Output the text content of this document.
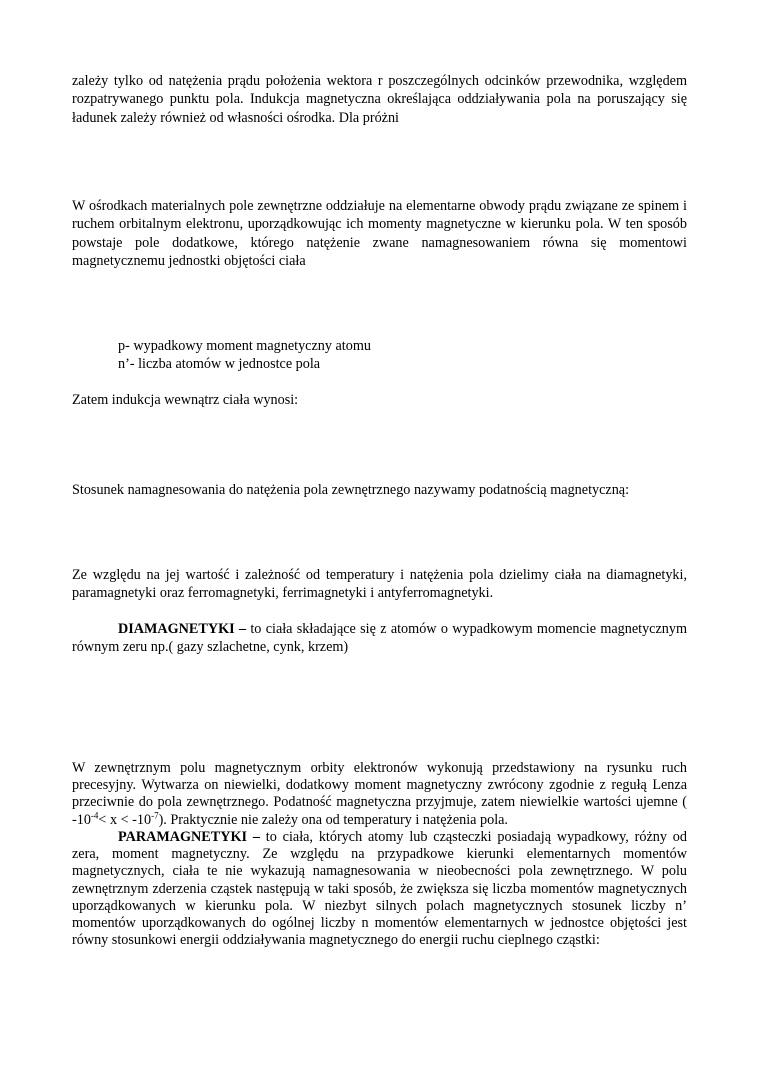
zależy tylko od natężenia prądu położenia wektora r poszczególnych odcinków przewodnika, względem rozpatrywanego punktu pola. Indukcja magnetyczna określająca oddziaływania pola na poruszający się ładunek zależy również od własności ośrodka. Dla próżni

W ośrodkach materialnych pole zewnętrzne oddziałuje na elementarne obwody prądu związane ze spinem i ruchem orbitalnym elektronu, uporządkowując ich momenty magnetyczne w kierunku pola. W ten sposób powstaje pole dodatkowe, którego natężenie zwane namagnesowaniem równa się momentowi magnetycznemu jednostki objętości ciała

p- wypadkowy moment magnetyczny atomu
n’- liczba atomów w jednostce pola
Zatem indukcja wewnątrz ciała wynosi:
Stosunek namagnesowania do natężenia pola zewnętrznego nazywamy podatnością magnetyczną:

Ze względu na jej wartość i zależność od temperatury i natężenia pola dzielimy ciała na diamagnetyki, paramagnetyki oraz ferromagnetyki, ferrimagnetyki i antyferromagnetyki.

DIAMAGNETYKI – to ciała składające się z atomów o wypadkowym momencie magnetycznym równym zeru np.( gazy szlachetne, cynk, krzem)

W zewnętrznym polu magnetycznym orbity elektronów wykonują przedstawiony na rysunku ruch precesyjny. Wytwarza on niewielki, dodatkowy moment magnetyczny zwrócony zgodnie z regułą Lenza przeciwnie do pola zewnętrznego. Podatność magnetyczna przyjmuje, zatem niewielkie wartości ujemne ( $-10^{-4}< x < -10^{-7}$). Praktycznie nie zależy ona od temperatury i natężenia pola.

PARAMAGNETYKI – to ciała, których atomy lub cząsteczki posiadają wypadkowy, różny od zera, moment magnetyczny. Ze względu na przypadkowe kierunki elementarnych momentów magnetycznych, ciała te nie wykazują namagnesowania w nieobecności pola zewnętrznego. W polu zewnętrznym zderzenia cząstek następują w taki sposób, że zwiększa się liczba momentów magnetycznych uporządkowanych w kierunku pola. W niezbyt silnych polach magnetycznych stosunek liczby n’ momentów uporządkowanych do ogólnej liczby n momentów elementarnych w jednostce objętości jest równy stosunkowi energii oddziaływania magnetycznego do energii ruchu cieplnego cząstki:
